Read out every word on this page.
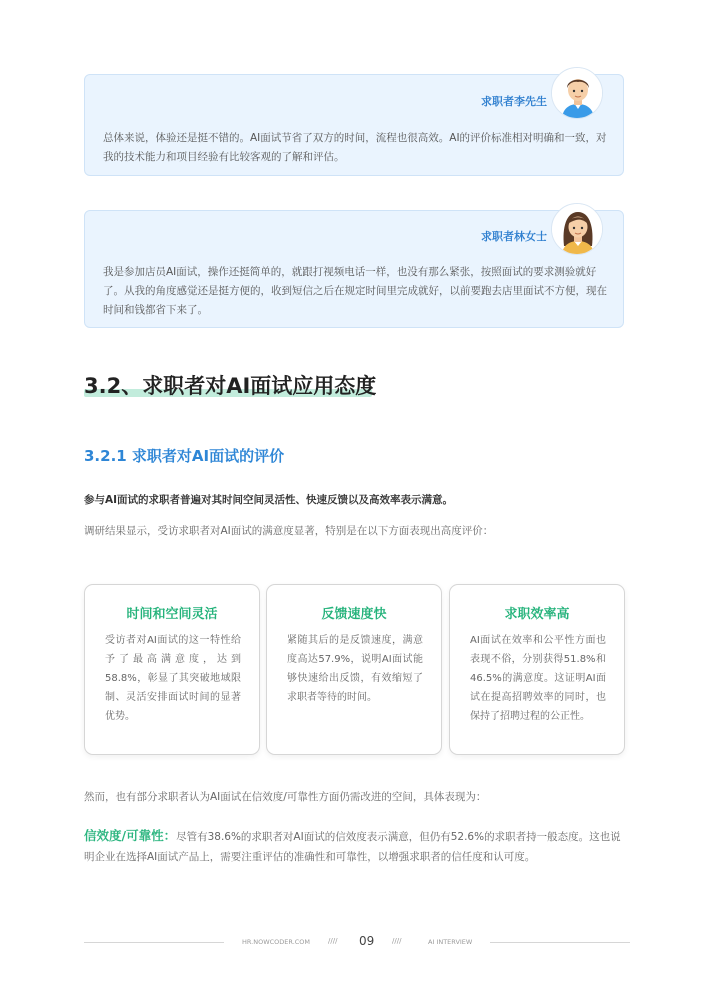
求职者李先生
总体来说，体验还是挺不错的。AI面试节省了双方的时间，流程也很高效。AI的评价标准相对明确和一致，对我的技术能力和项目经验有比较客观的了解和评估。
求职者林女士
我是参加店员AI面试，操作还挺简单的，就跟打视频电话一样，也没有那么紧张，按照面试的要求测验就好了。从我的角度感觉还是挺方便的，收到短信之后在规定时间里完成就好，以前要跑去店里面试不方便，现在时间和钱都省下来了。
3.2、求职者对AI面试应用态度
3.2.1 求职者对AI面试的评价
参与AI面试的求职者普遍对其时间空间灵活性、快速反馈以及高效率表示满意。
调研结果显示，受访求职者对AI面试的满意度显著，特别是在以下方面表现出高度评价：
时间和空间灵活
受访者对AI面试的这一特性给予了最高满意度，达到58.8%，彰显了其突破地域限制、灵活安排面试时间的显著优势。
反馈速度快
紧随其后的是反馈速度，满意度高达57.9%，说明AI面试能够快速给出反馈，有效缩短了求职者等待的时间。
求职效率高
AI面试在效率和公平性方面也表现不俗，分别获得51.8%和46.5%的满意度。这证明AI面试在提高招聘效率的同时，也保持了招聘过程的公正性。
然而，也有部分求职者认为AI面试在信效度/可靠性方面仍需改进的空间，具体表现为：
信效度/可靠性：尽管有38.6%的求职者对AI面试的信效度表示满意，但仍有52.6%的求职者持一般态度。这也说明企业在选择AI面试产品上，需要注重评估的准确性和可靠性，以增强求职者的信任度和认可度。
HR.NOWCODER.COM	//// 09	////	AI INTERVIEW
